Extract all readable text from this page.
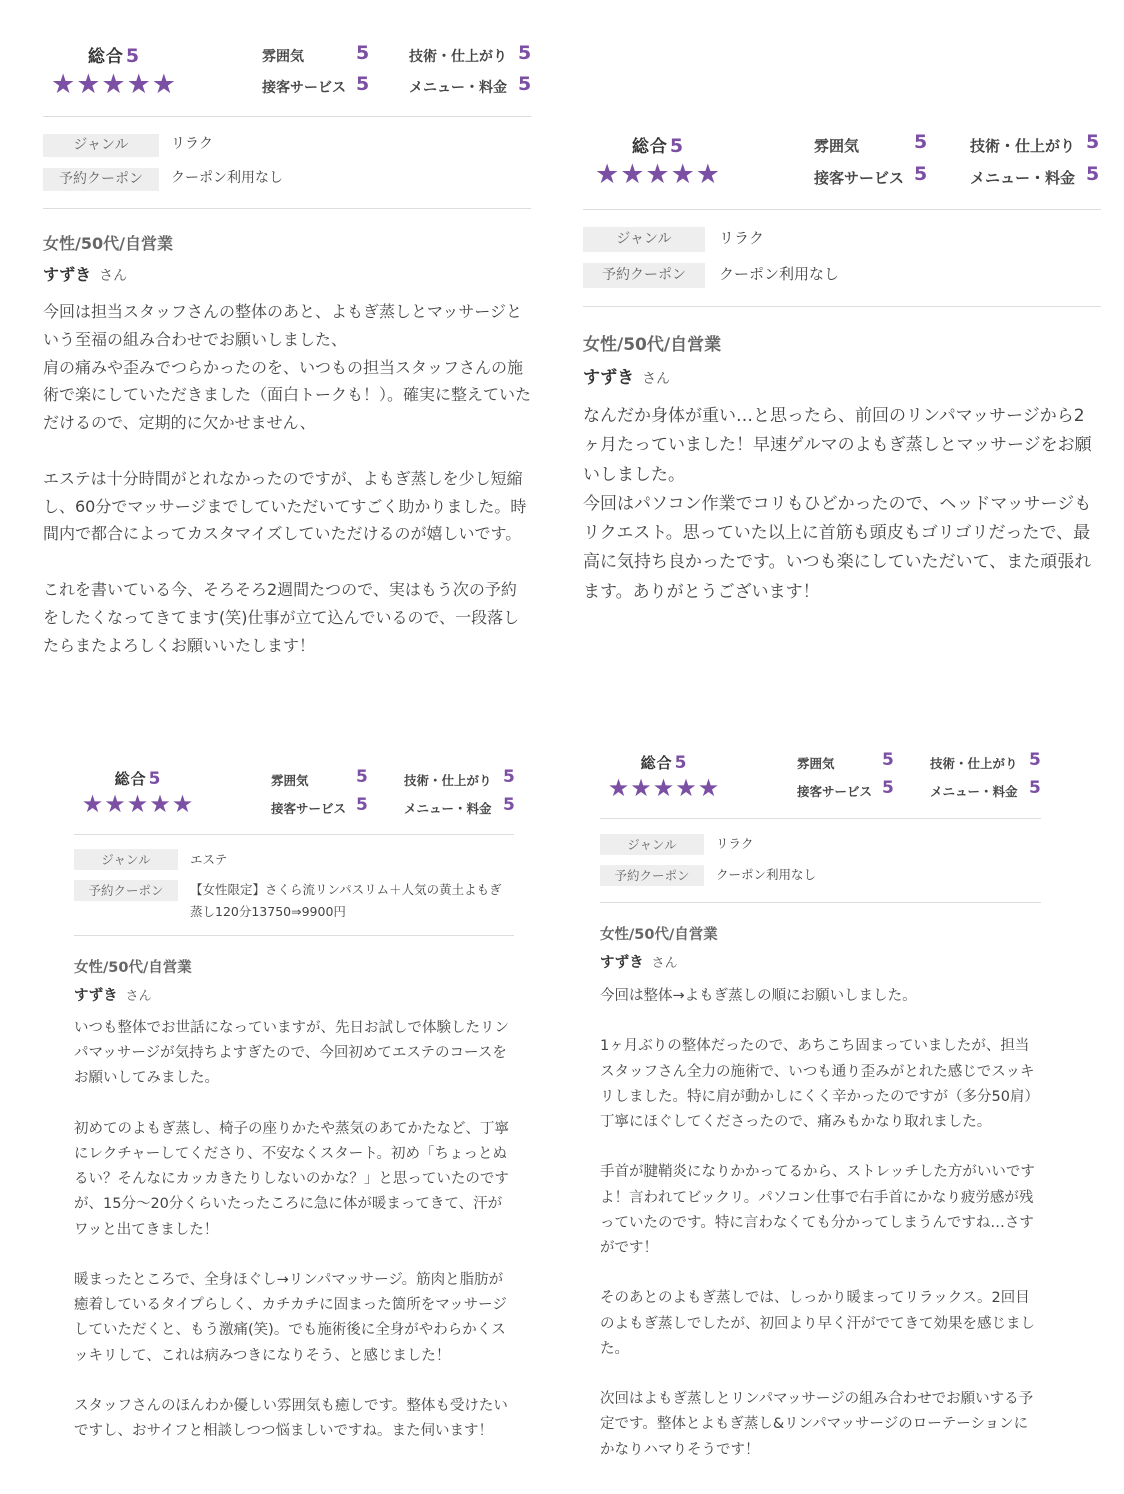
総合 5
★★★★★
雰囲気	5	技術・仕上がり 5
接客サービス 5	メニュー・料金 5
ジャンル	リラク
予約クーポン	クーポン利用なし
女性/50代/自営業
すずき さん
今回は担当スタッフさんの整体のあと、よもぎ蒸しとマッサージという至福の組み合わせでお願いしました、
肩の痛みや歪みでつらかったのを、いつもの担当スタッフさんの施術で楽にしていただきました（面白トークも！）。確実に整えていただけるので、定期的に欠かせません、

エステは十分時間がとれなかったのですが、よもぎ蒸しを少し短縮し、60分でマッサージまでしていただいてすごく助かりました。時間内で都合によってカスタマイズしていただけるのが嬉しいです。

これを書いている今、そろそろ2週間たつので、実はもう次の予約をしたくなってきてます(笑)仕事が立て込んでいるので、一段落したらまたよろしくお願いいたします！
総合 5
★★★★★
雰囲気	5	技術・仕上がり 5
接客サービス 5	メニュー・料金 5
ジャンル	リラク
予約クーポン	クーポン利用なし
女性/50代/自営業
すずき さん
なんだか身体が重い…と思ったら、前回のリンパマッサージから2ヶ月たっていました！早速ゲルマのよもぎ蒸しとマッサージをお願いしました。
今回はパソコン作業でコリもひどかったので、ヘッドマッサージもリクエスト。思っていた以上に首筋も頭皮もゴリゴリだったで、最高に気持ち良かったです。いつも楽にしていただいて、また頑張れます。ありがとうございます！
総合 5
★★★★★
雰囲気	5	技術・仕上がり 5
接客サービス 5	メニュー・料金 5
ジャンル	エステ
予約クーポン	【女性限定】さくら流リンパスリム＋人気の黄土よもぎ蒸し120分13750⇒9900円
女性/50代/自営業
すずき さん
いつも整体でお世話になっていますが、先日お試しで体験したリンパマッサージが気持ちよすぎたので、今回初めてエステのコースをお願いしてみました。

初めてのよもぎ蒸し、椅子の座りかたや蒸気のあてかたなど、丁寧にレクチャーしてくださり、不安なくスタート。初め「ちょっとぬるい？そんなにカッカきたりしないのかな？」と思っていたのですが、15分〜20分くらいたったころに急に体が暖まってきて、汗がワッと出てきました！

暖まったところで、全身ほぐし→リンパマッサージ。筋肉と脂肪が癒着しているタイプらしく、カチカチに固まった箇所をマッサージしていただくと、もう激痛(笑)。でも施術後に全身がやわらかくスッキリして、これは病みつきになりそう、と感じました！

スタッフさんのほんわか優しい雰囲気も癒しです。整体も受けたいですし、おサイフと相談しつつ悩ましいですね。また伺います！
総合 5
★★★★★
雰囲気	5	技術・仕上がり 5
接客サービス 5	メニュー・料金 5
ジャンル	リラク
予約クーポン	クーポン利用なし
女性/50代/自営業
すずき さん
今回は整体→よもぎ蒸しの順にお願いしました。

1ヶ月ぶりの整体だったので、あちこち固まっていましたが、担当スタッフさん全力の施術で、いつも通り歪みがとれた感じでスッキリしました。特に肩が動かしにくく辛かったのですが（多分50肩）丁寧にほぐしてくださったので、痛みもかなり取れました。

手首が腱鞘炎になりかかってるから、ストレッチした方がいいですよ！言われてビックリ。パソコン仕事で右手首にかなり疲労感が残っていたのです。特に言わなくても分かってしまうんですね…さすがです！

そのあとのよもぎ蒸しでは、しっかり暖まってリラックス。2回目のよもぎ蒸しでしたが、初回より早く汗がでてきて効果を感じました。

次回はよもぎ蒸しとリンパマッサージの組み合わせでお願いする予定です。整体とよもぎ蒸し&リンパマッサージのローテーションにかなりハマりそうです！
